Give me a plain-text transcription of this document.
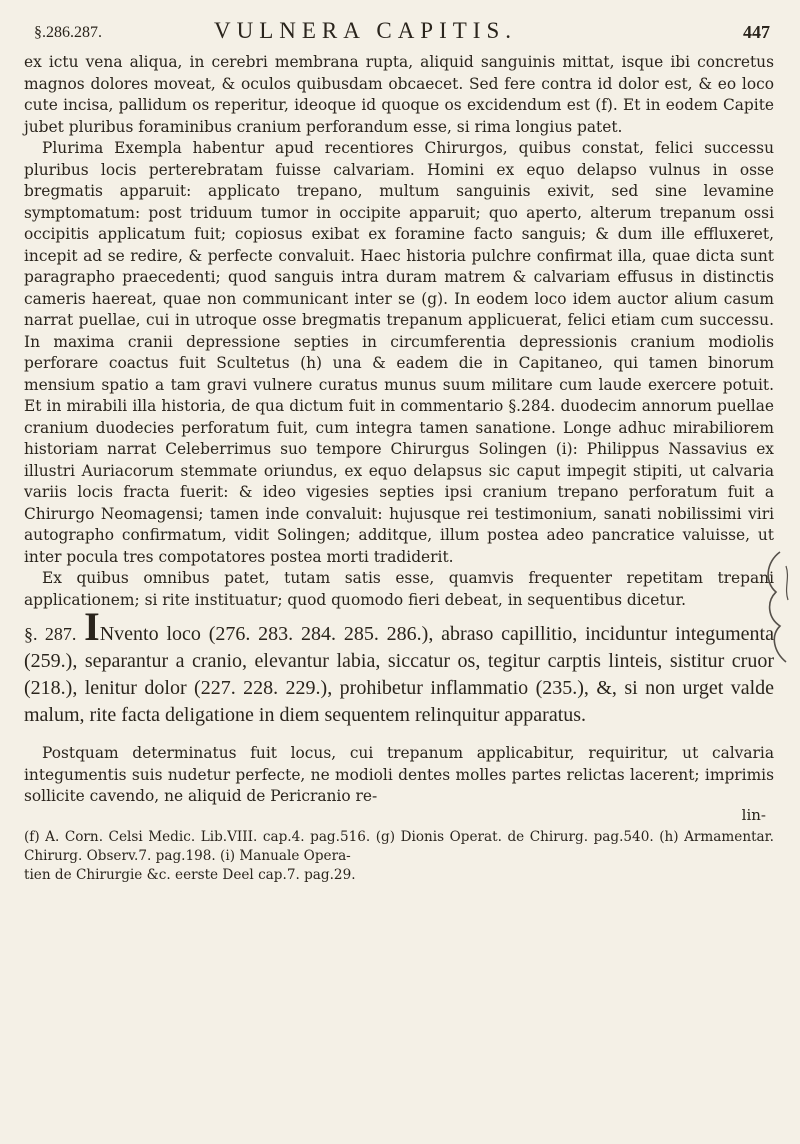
§.286.287.	VULNERA CAPITIS.	447

ex ictu vena aliqua, in cerebri membrana rupta, aliquid sanguinis mittat, isque ibi concretus magnos dolores moveat, & oculos quibusdam obcaecet. Sed fere contra id dolor est, & eo loco cute incisa, pallidum os reperitur, ideoque id quoque os excidendum est (f). Et in eodem Capite jubet pluribus foraminibus cranium perforandum esse, si rima longius patet.

Plurima Exempla habentur apud recentiores Chirurgos, quibus constat, felici successu pluribus locis perterebratam fuisse calvariam. Homini ex equo delapso vulnus in osse bregmatis apparuit: applicato trepano, multum sanguinis exivit, sed sine levamine symptomatum: post triduum tumor in occipite apparuit; quo aperto, alterum trepanum ossi occipitis applicatum fuit; copiosus exibat ex foramine facto sanguis; & dum ille effluxeret, incepit ad se redire, & perfecte convaluit. Haec historia pulchre confirmat illa, quae dicta sunt paragrapho praecedenti; quod sanguis intra duram matrem & calvariam effusus in distinctis cameris haereat, quae non communicant inter se (g). In eodem loco idem auctor alium casum narrat puellae, cui in utroque osse bregmatis trepanum applicuerat, felici etiam cum successu. In maxima cranii depressione septies in circumferentia depressionis cranium modiolis perforare coactus fuit Scultetus (h) una & eadem die in Capitaneo, qui tamen binorum mensium spatio a tam gravi vulnere curatus munus suum militare cum laude exercere potuit. Et in mirabili illa historia, de qua dictum fuit in commentario §.284. duodecim annorum puellae cranium duodecies perforatum fuit, cum integra tamen sanatione. Longe adhuc mirabiliorem historiam narrat Celeberrimus suo tempore Chirurgus Solingen (i): Philippus Nassavius ex illustri Auriacorum stemmate oriundus, ex equo delapsus sic caput impegit stipiti, ut calvaria variis locis fracta fuerit: & ideo vigesies septies ipsi cranium trepano perforatum fuit a Chirurgo Neomagensi; tamen inde convaluit: hujusque rei testimonium, sanati nobilissimi viri autographo confirmatum, vidit Solingen; additque, illum postea adeo pancratice valuisse, ut inter pocula tres compotatores postea morti tradiderit.

Ex quibus omnibus patet, tutam satis esse, quamvis frequenter repetitam trepani applicationem; si rite instituatur; quod quomodo fieri debeat, in sequentibus dicetur.

§. 287. INvento loco (276. 283. 284. 285. 286.), abraso capillitio, inciduntur integumenta (259.), separantur a cranio, elevantur labia, siccatur os, tegitur carptis linteis, sistitur cruor (218.), lenitur dolor (227. 228. 229.), prohibetur inflammatio (235.), &, si non urget valde malum, rite facta deligatione in diem sequentem relinquitur apparatus.
Postquam determinatus fuit locus, cui trepanum applicabitur, requiritur, ut calvaria integumentis suis nudetur perfecte, ne modioli dentes molles partes relictas lacerent; imprimis sollicite cavendo, ne aliquid de Pericranio re-
lin-
(f) A. Corn. Celsi Medic. Lib.VIII. cap.4. pag.516. (g) Dionis Operat. de Chirurg. pag.540. (h) Armamentar. Chirurg. Observ.7. pag.198. (i) Manuale Opera-
tien de Chirurgie &c. eerste Deel cap.7. pag.29.
